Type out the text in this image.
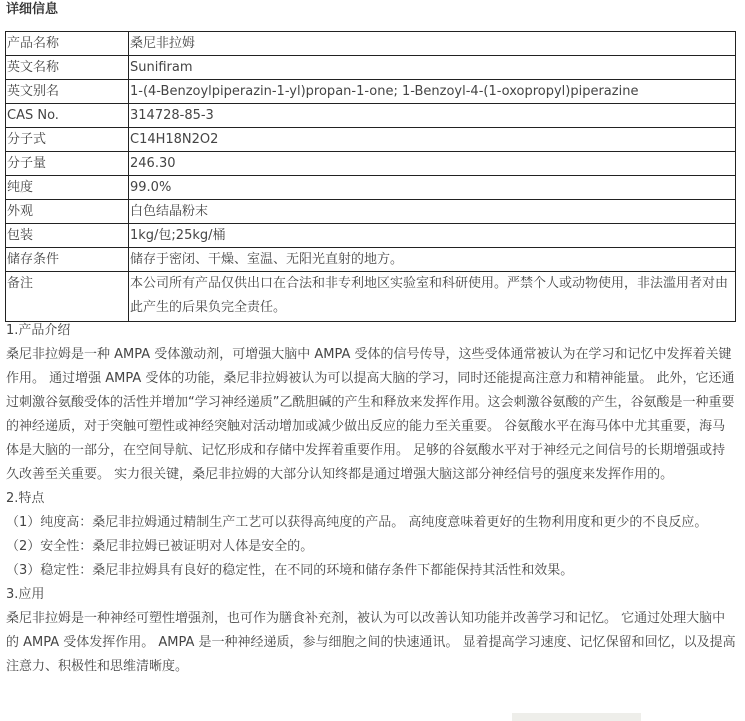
详细信息
产品名称	桑尼非拉姆
英文名称	Sunifiram
英文别名	1-(4-Benzoylpiperazin-1-yl)propan-1-one; 1-Benzoyl-4-(1-oxopropyl)piperazine
CAS No.	314728-85-3
分子式	C14H18N2O2
分子量	246.30
纯度	99.0%
外观	白色结晶粉末
包装	1kg/包;25kg/桶
储存条件	储存于密闭、干燥、室温、无阳光直射的地方。
备注	本公司所有产品仅供出口在合法和非专利地区实验室和科研使用。严禁个人或动物使用，非法滥用者对由此产生的后果负完全责任。

1.产品介绍

桑尼非拉姆是一种 AMPA 受体激动剂，可增强大脑中 AMPA 受体的信号传导，这些受体通常被认为在学习和记忆中发挥着关键作用。 通过增强 AMPA 受体的功能，桑尼非拉姆被认为可以提高大脑的学习，同时还能提高注意力和精神能量。 此外，它还通过刺激谷氨酸受体的活性并增加“学习神经递质”乙酰胆碱的产生和释放来发挥作用。这会刺激谷氨酸的产生，谷氨酸是一种重要的神经递质，对于突触可塑性或神经突触对活动增加或减少做出反应的能力至关重要。 谷氨酸水平在海马体中尤其重要，海马体是大脑的一部分，在空间导航、记忆形成和存储中发挥着重要作用。 足够的谷氨酸水平对于神经元之间信号的长期增强或持久改善至关重要。 实力很关键，桑尼非拉姆的大部分认知终都是通过增强大脑这部分神经信号的强度来发挥作用的。

2.特点

（1）纯度高：桑尼非拉姆通过精制生产工艺可以获得高纯度的产品。 高纯度意味着更好的生物利用度和更少的不良反应。

（2）安全性：桑尼非拉姆已被证明对人体是安全的。

（3）稳定性：桑尼非拉姆具有良好的稳定性，在不同的环境和储存条件下都能保持其活性和效果。

3.应用

桑尼非拉姆是一种神经可塑性增强剂，也可作为膳食补充剂，被认为可以改善认知功能并改善学习和记忆。 它通过处理大脑中的 AMPA 受体发挥作用。 AMPA 是一种神经递质，参与细胞之间的快速通讯。 显着提高学习速度、记忆保留和回忆，以及提高注意力、积极性和思维清晰度。
